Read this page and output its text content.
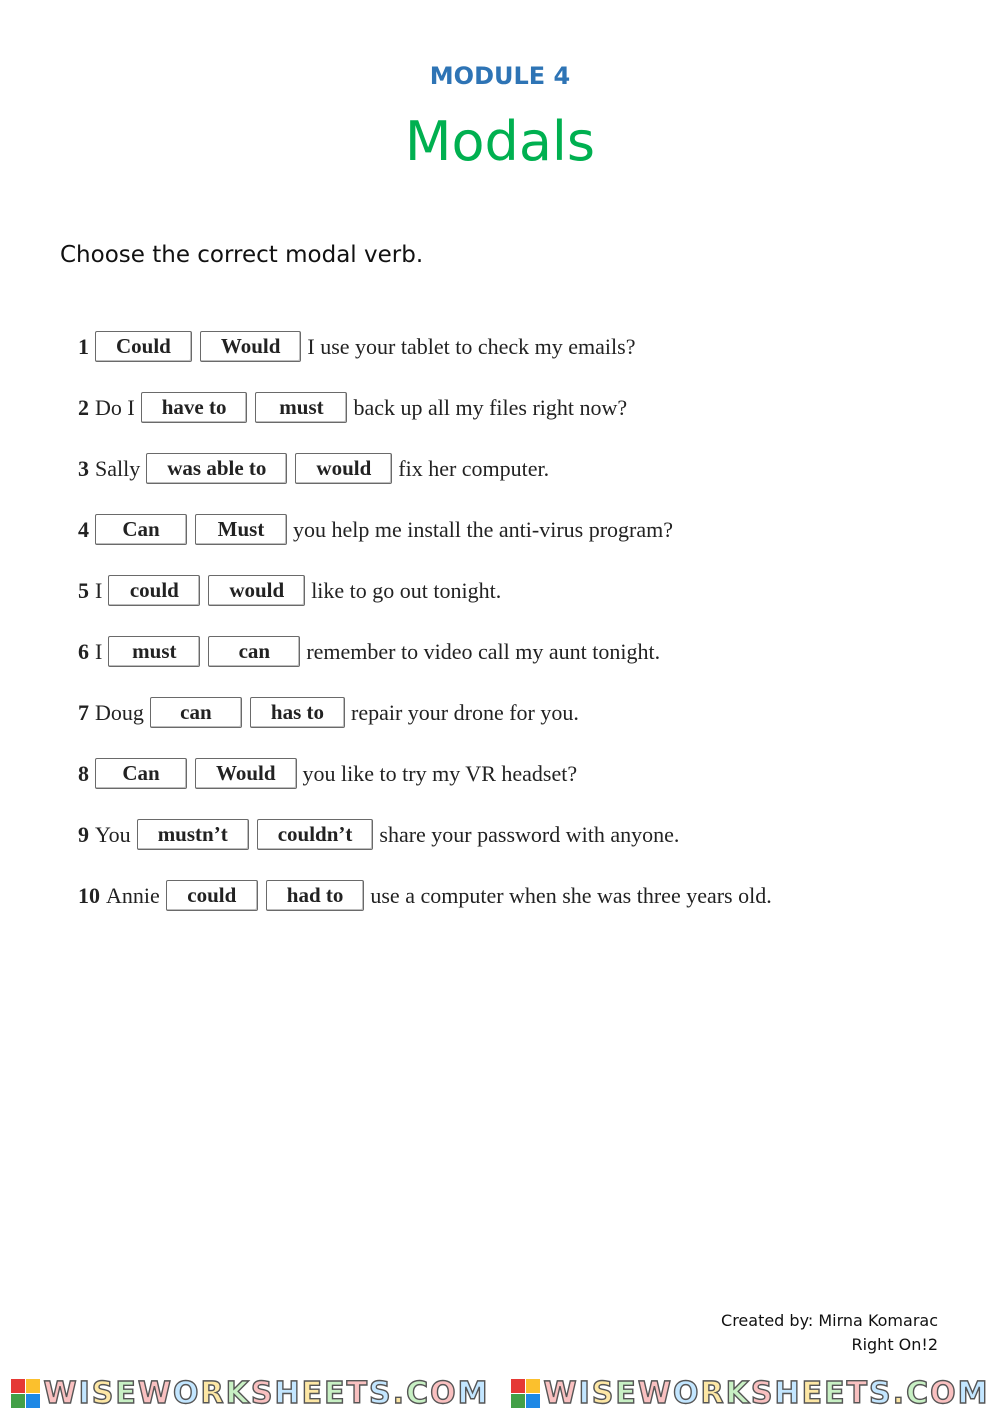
MODULE 4
Modals
Choose the correct modal verb.
1	Could	Would	I use your tablet to check my emails?
2 Do I	have to	must	back up all my files right now?
3 Sally	was able to	would	fix her computer.
4	Can	Must	you help me install the anti-virus program?
5 I	could	would	like to go out tonight.
6 I	must	can	remember to video call my aunt tonight.
7 Doug	can	has to	repair your drone for you.
8	Can	Would	you like to try my VR headset?
9 You	mustn’t	couldn’t	share your password with anyone.
10 Annie	could	had to	use a computer when she was three years old.
Created by: Mirna Komarac
Right On!2
WISEWORKSHEETS.COM WISEWORKSHEETS.COM
